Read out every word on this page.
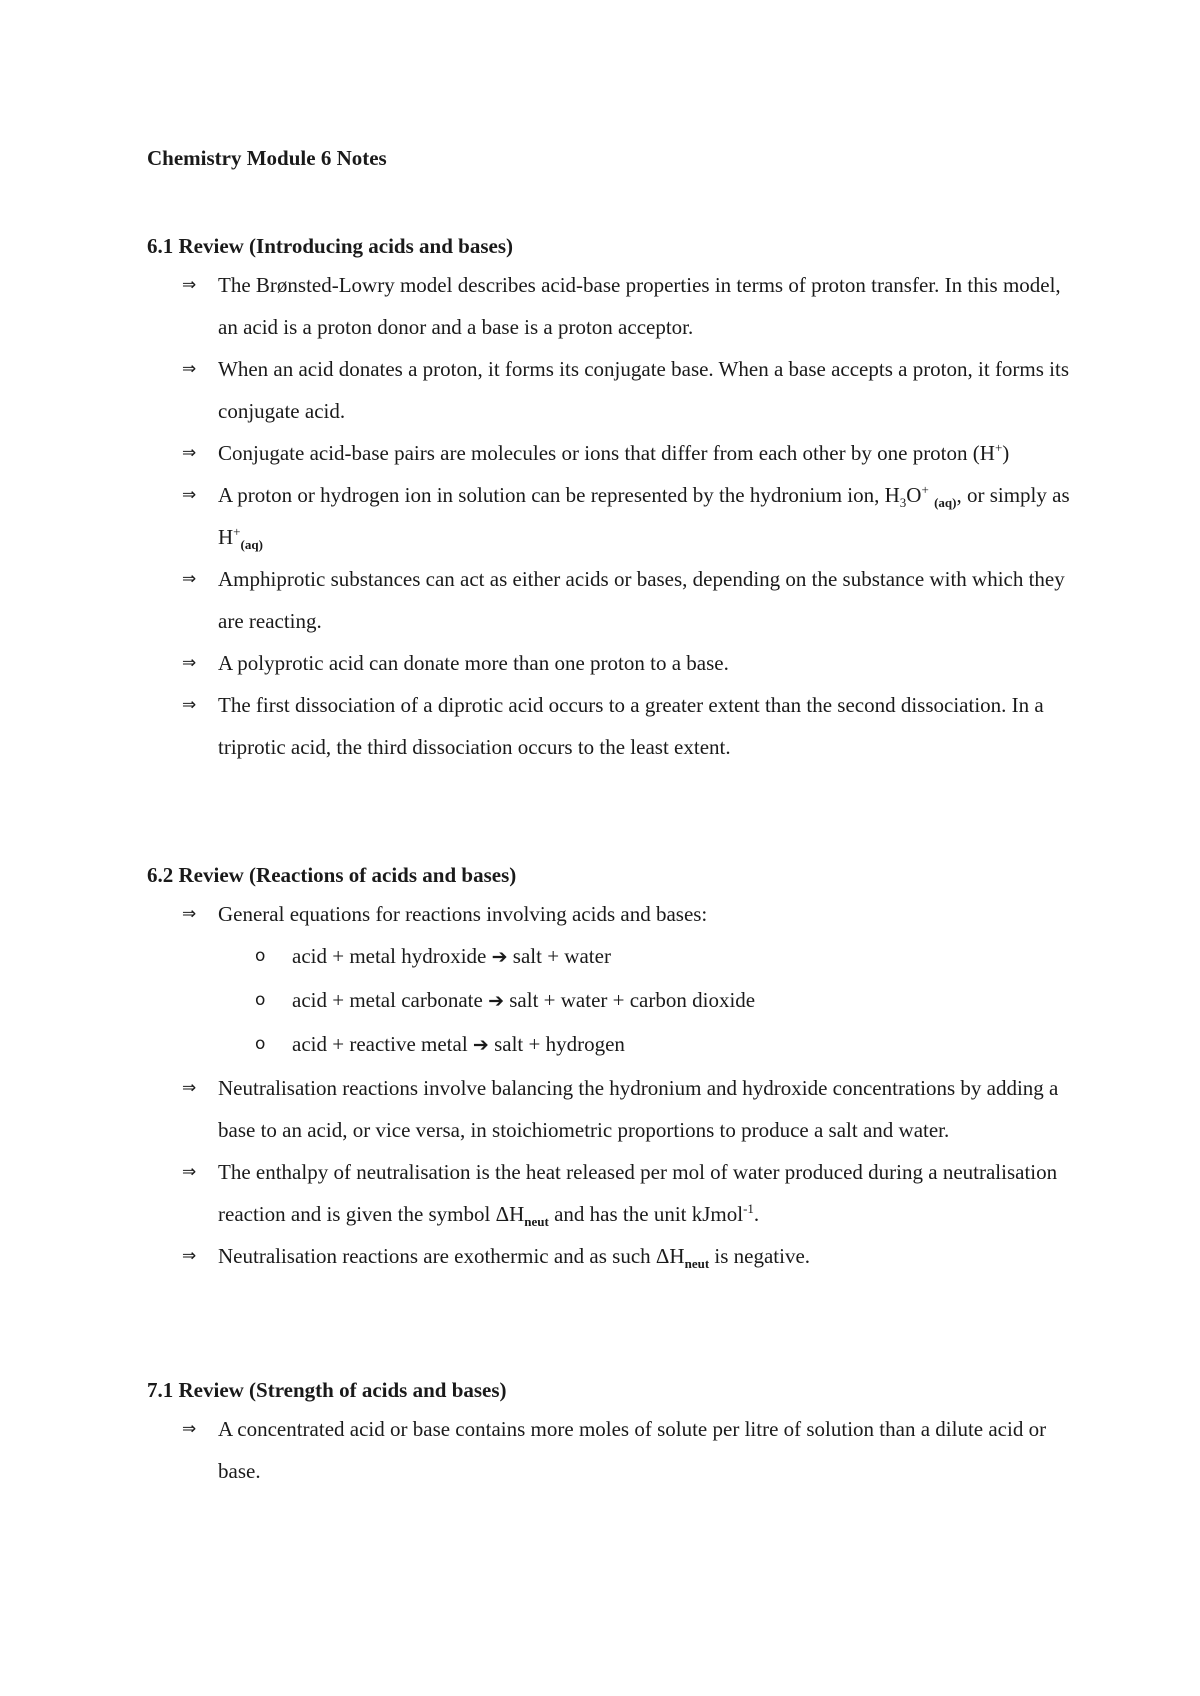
Chemistry Module 6 Notes
6.1 Review (Introducing acids and bases)
⇒	The Brønsted-Lowry model describes acid-base properties in terms of proton transfer. In this model, an acid is a proton donor and a base is a proton acceptor.
⇒	When an acid donates a proton, it forms its conjugate base. When a base accepts a proton, it forms its conjugate acid.
⇒	Conjugate acid-base pairs are molecules or ions that differ from each other by one proton (H+)
⇒	A proton or hydrogen ion in solution can be represented by the hydronium ion, $H_3O^+$ $_{(aq)}$, or simply as $H^+_{(aq)}$
⇒	Amphiprotic substances can act as either acids or bases, depending on the substance with which they are reacting.
⇒	A polyprotic acid can donate more than one proton to a base.
⇒	The first dissociation of a diprotic acid occurs to a greater extent than the second dissociation. In a triprotic acid, the third dissociation occurs to the least extent.
6.2 Review (Reactions of acids and bases)
⇒	General equations for reactions involving acids and bases:
o acid + metal hydroxide ➔ salt + water
o acid + metal carbonate ➔ salt + water + carbon dioxide
o acid + reactive metal ➔ salt + hydrogen
⇒	Neutralisation reactions involve balancing the hydronium and hydroxide concentrations by adding a base to an acid, or vice versa, in stoichiometric proportions to produce a salt and water.
⇒	The enthalpy of neutralisation is the heat released per mol of water produced during a neutralisation reaction and is given the symbol $\Delta H_{neut}$ and has the unit kJmol$^{-1}$.
⇒	Neutralisation reactions are exothermic and as such $\Delta H_{neut}$ is negative.
7.1 Review (Strength of acids and bases)
⇒	A concentrated acid or base contains more moles of solute per litre of solution than a dilute acid or base.
